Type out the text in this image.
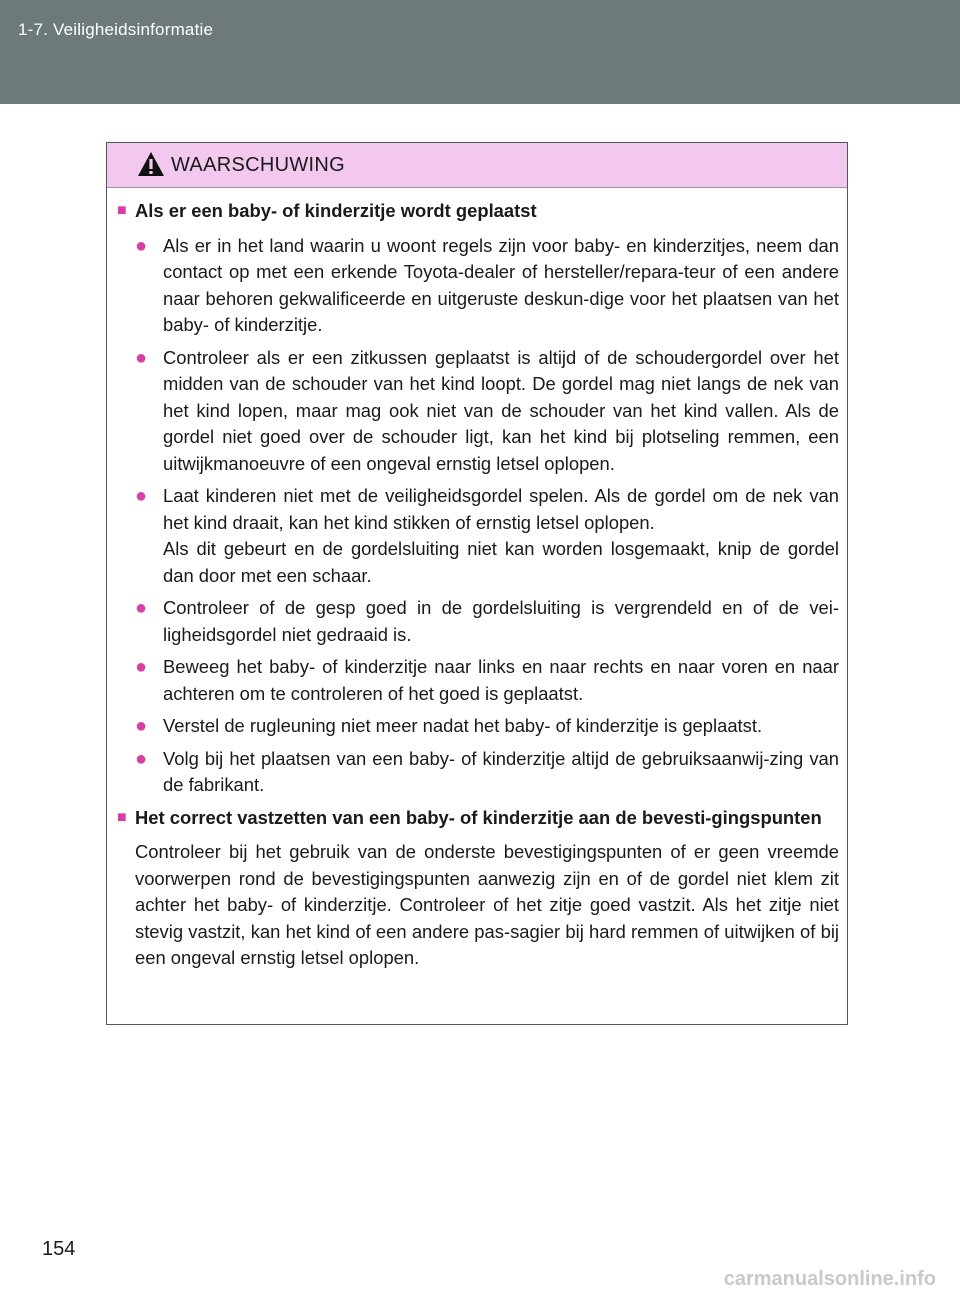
1-7. Veiligheidsinformatie
WAARSCHUWING
■ Als er een baby- of kinderzitje wordt geplaatst
● Als er in het land waarin u woont regels zijn voor baby- en kinderzitjes, neem dan contact op met een erkende Toyota-dealer of hersteller/repara-teur of een andere naar behoren gekwalificeerde en uitgeruste deskun-dige voor het plaatsen van het baby- of kinderzitje.
● Controleer als er een zitkussen geplaatst is altijd of de schoudergordel over het midden van de schouder van het kind loopt. De gordel mag niet langs de nek van het kind lopen, maar mag ook niet van de schouder van het kind vallen. Als de gordel niet goed over de schouder ligt, kan het kind bij plotseling remmen, een uitwijkmanoeuvre of een ongeval ernstig letsel oplopen.
● Laat kinderen niet met de veiligheidsgordel spelen. Als de gordel om de nek van het kind draait, kan het kind stikken of ernstig letsel oplopen.

Als dit gebeurt en de gordelsluiting niet kan worden losgemaakt, knip de gordel dan door met een schaar.

● Controleer of de gesp goed in de gordelsluiting is vergrendeld en of de vei-ligheidsgordel niet gedraaid is.
● Beweeg het baby- of kinderzitje naar links en naar rechts en naar voren en naar achteren om te controleren of het goed is geplaatst.
● Verstel de rugleuning niet meer nadat het baby- of kinderzitje is geplaatst.
● Volg bij het plaatsen van een baby- of kinderzitje altijd de gebruiksaanwij-zing van de fabrikant.
■ Het correct vastzetten van een baby- of kinderzitje aan de bevesti-gingspunten
Controleer bij het gebruik van de onderste bevestigingspunten of er geen vreemde voorwerpen rond de bevestigingspunten aanwezig zijn en of de gordel niet klem zit achter het baby- of kinderzitje. Controleer of het zitje goed vastzit. Als het zitje niet stevig vastzit, kan het kind of een andere pas-sagier bij hard remmen of uitwijken of bij een ongeval ernstig letsel oplopen.
154
carmanualsonline.info
